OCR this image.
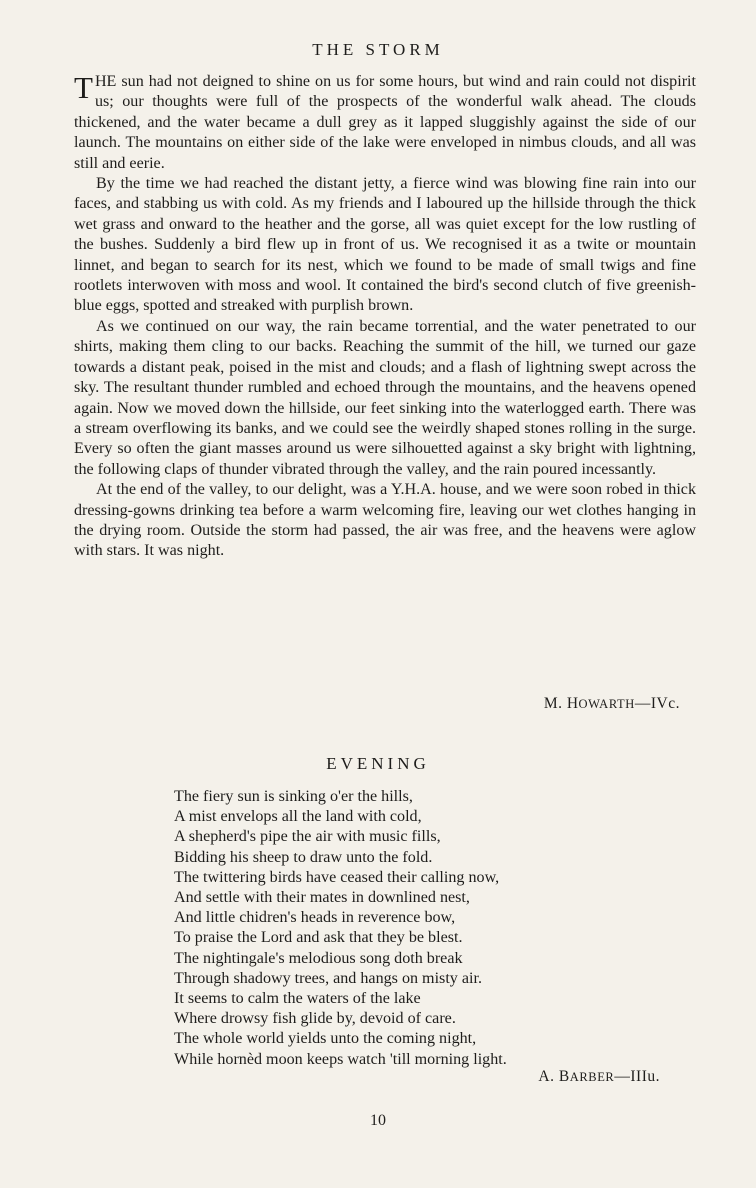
THE STORM

THE sun had not deigned to shine on us for some hours, but wind and rain could not dispirit us; our thoughts were full of the prospects of the wonderful walk ahead. The clouds thickened, and the water became a dull grey as it lapped sluggishly against the side of our launch. The mountains on either side of the lake were enveloped in nimbus clouds, and all was still and eerie.

By the time we had reached the distant jetty, a fierce wind was blowing fine rain into our faces, and stabbing us with cold. As my friends and I laboured up the hillside through the thick wet grass and onward to the heather and the gorse, all was quiet except for the low rustling of the bushes. Suddenly a bird flew up in front of us. We recognised it as a twite or mountain linnet, and began to search for its nest, which we found to be made of small twigs and fine rootlets interwoven with moss and wool. It contained the bird's second clutch of five greenish-blue eggs, spotted and streaked with purplish brown.

As we continued on our way, the rain became torrential, and the water penetrated to our shirts, making them cling to our backs. Reaching the summit of the hill, we turned our gaze towards a distant peak, poised in the mist and clouds; and a flash of lightning swept across the sky. The resultant thunder rumbled and echoed through the mountains, and the heavens opened again. Now we moved down the hillside, our feet sinking into the waterlogged earth. There was a stream overflowing its banks, and we could see the weirdly shaped stones rolling in the surge. Every so often the giant masses around us were silhouetted against a sky bright with lightning, the following claps of thunder vibrated through the valley, and the rain poured incessantly.

At the end of the valley, to our delight, was a Y.H.A. house, and we were soon robed in thick dressing-gowns drinking tea before a warm welcoming fire, leaving our wet clothes hanging in the drying room. Outside the storm had passed, the air was free, and the heavens were aglow with stars. It was night.

M. HOWARTH—IVc.
EVENING
The fiery sun is sinking o'er the hills,
A mist envelops all the land with cold,
A shepherd's pipe the air with music fills,
Bidding his sheep to draw unto the fold.
The twittering birds have ceased their calling now,
And settle with their mates in downlined nest,
And little chidren's heads in reverence bow,
To praise the Lord and ask that they be blest.
The nightingale's melodious song doth break
Through shadowy trees, and hangs on misty air.
It seems to calm the waters of the lake
Where drowsy fish glide by, devoid of care.
The whole world yields unto the coming night,
While hornèd moon keeps watch 'till morning light.
A. BARBER—IIIu.
10
